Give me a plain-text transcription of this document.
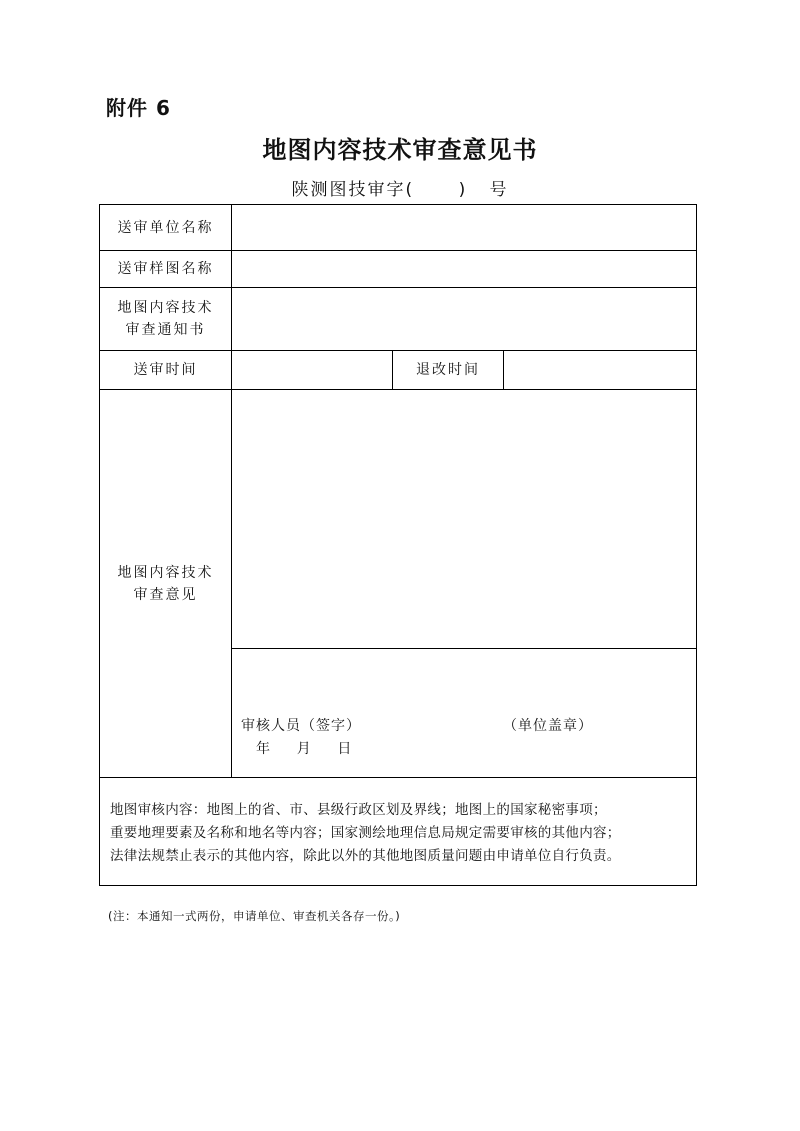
附件 6
地图内容技术审查意见书
陕测图技审字(      )   号
送审单位名称
送审样图名称
地图内容技术
审查通知书
送审时间	退改时间
地图内容技术
审查意见
审核人员（签字）	（单位盖章）
年      月      日
地图审核内容：地图上的省、市、县级行政区划及界线；地图上的国家秘密事项；
重要地理要素及名称和地名等内容；国家测绘地理信息局规定需要审核的其他内容；
法律法规禁止表示的其他内容，除此以外的其他地图质量问题由申请单位自行负责。
(注：本通知一式两份，申请单位、审查机关各存一份。)
